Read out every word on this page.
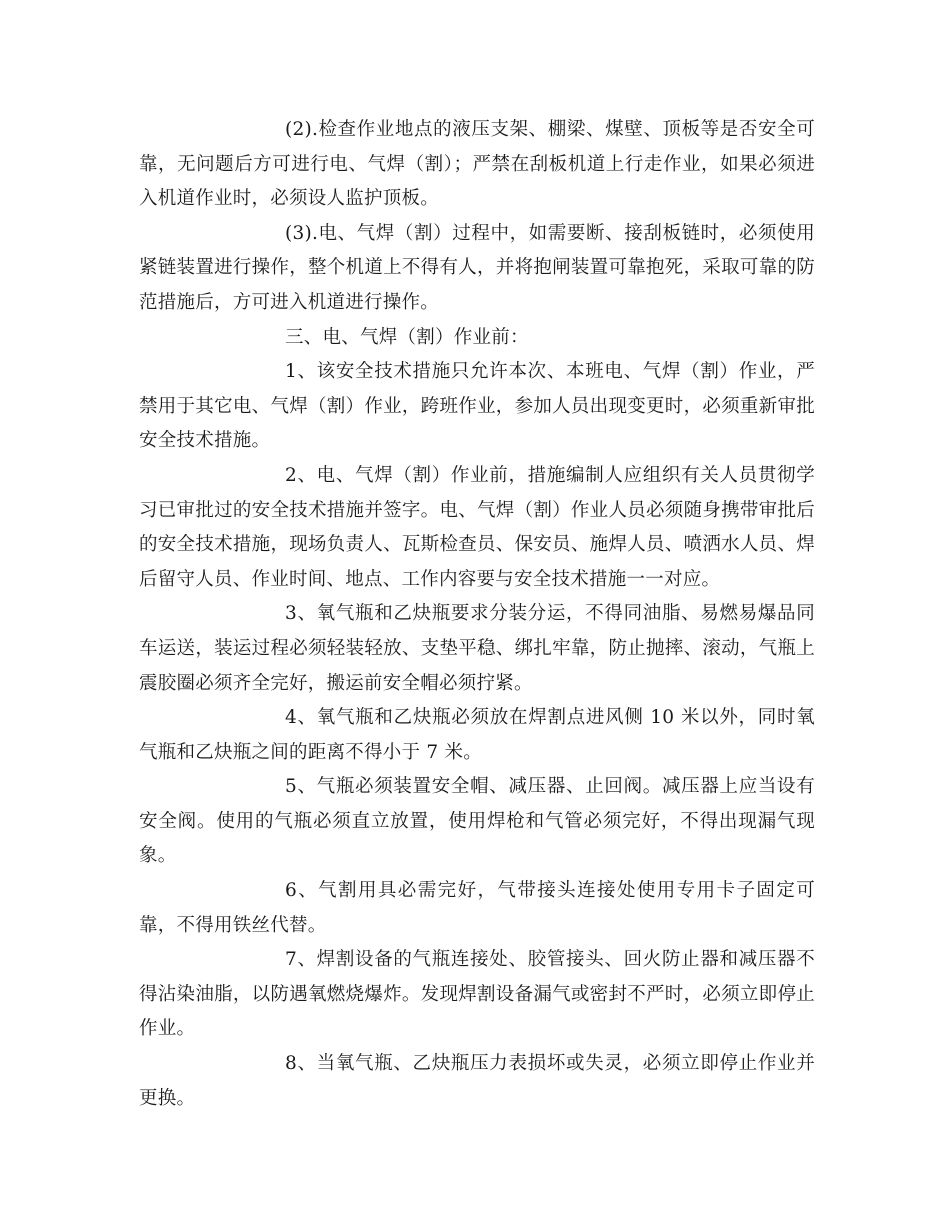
(2).检查作业地点的液压支架、棚梁、煤壁、顶板等是否安全可靠，无问题后方可进行电、气焊（割）；严禁在刮板机道上行走作业，如果必须进入机道作业时，必须设人监护顶板。

(3).电、气焊（割）过程中，如需要断、接刮板链时，必须使用紧链装置进行操作，整个机道上不得有人，并将抱闸装置可靠抱死，采取可靠的防范措施后，方可进入机道进行操作。

三、电、气焊（割）作业前：

1、该安全技术措施只允许本次、本班电、气焊（割）作业，严禁用于其它电、气焊（割）作业，跨班作业，参加人员出现变更时，必须重新审批安全技术措施。

2、电、气焊（割）作业前，措施编制人应组织有关人员贯彻学习已审批过的安全技术措施并签字。电、气焊（割）作业人员必须随身携带审批后的安全技术措施，现场负责人、瓦斯检查员、保安员、施焊人员、喷洒水人员、焊后留守人员、作业时间、地点、工作内容要与安全技术措施一一对应。

3、氧气瓶和乙炔瓶要求分装分运，不得同油脂、易燃易爆品同车运送，装运过程必须轻装轻放、支垫平稳、绑扎牢靠，防止抛摔、滚动，气瓶上震胶圈必须齐全完好，搬运前安全帽必须拧紧。

4、氧气瓶和乙炔瓶必须放在焊割点进风侧 10 米以外，同时氧气瓶和乙炔瓶之间的距离不得小于 7 米。

5、气瓶必须装置安全帽、减压器、止回阀。减压器上应当设有安全阀。使用的气瓶必须直立放置，使用焊枪和气管必须完好，不得出现漏气现象。

6、气割用具必需完好，气带接头连接处使用专用卡子固定可靠，不得用铁丝代替。

7、焊割设备的气瓶连接处、胶管接头、回火防止器和减压器不得沾染油脂，以防遇氧燃烧爆炸。发现焊割设备漏气或密封不严时，必须立即停止作业。

8、当氧气瓶、乙炔瓶压力表损坏或失灵，必须立即停止作业并更换。
